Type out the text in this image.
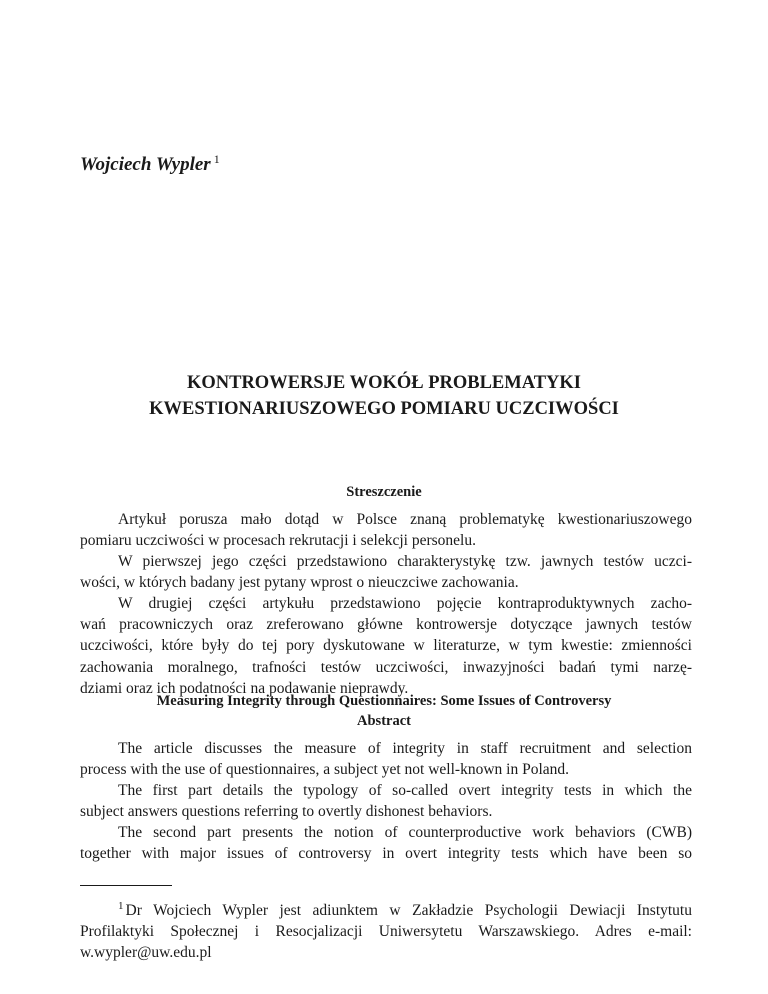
Wojciech Wypler $^1$
KONTROWERSJE WOKÓŁ PROBLEMATYKI
KWESTIONARIUSZOWEGO POMIARU UCZCIWOŚCI
Streszczenie
Artykuł porusza mało dotąd w Polsce znaną problematykę kwestionariuszowego
pomiaru uczciwości w procesach rekrutacji i selekcji personelu.
W pierwszej jego części przedstawiono charakterystykę tzw. jawnych testów uczci-
wości, w których badany jest pytany wprost o nieuczciwe zachowania.
W drugiej części artykułu przedstawiono pojęcie kontraproduktywnych zacho-
wań pracowniczych oraz zreferowano główne kontrowersje dotyczące jawnych testów
uczciwości, które były do tej pory dyskutowane w literaturze, w tym kwestie: zmienności
zachowania moralnego, trafności testów uczciwości, inwazyjności badań tymi narzę-
dziami oraz ich podatności na podawanie nieprawdy.
Measuring Integrity through Questionnaires: Some Issues of Controversy
Abstract
The article discusses the measure of integrity in staff recruitment and selection
process with the use of questionnaires, a subject yet not well-known in Poland.
The first part details the typology of so-called overt integrity tests in which the
subject answers questions referring to overtly dishonest behaviors.
The second part presents the notion of counterproductive work behaviors (CWB)
together with major issues of controversy in overt integrity tests which have been so
$^1$ Dr Wojciech Wypler jest adiunktem w Zakładzie Psychologii Dewiacji Instytutu
Profilaktyki Społecznej i Resocjalizacji Uniwersytetu Warszawskiego. Adres e-mail:
w.wypler@uw.edu.pl
